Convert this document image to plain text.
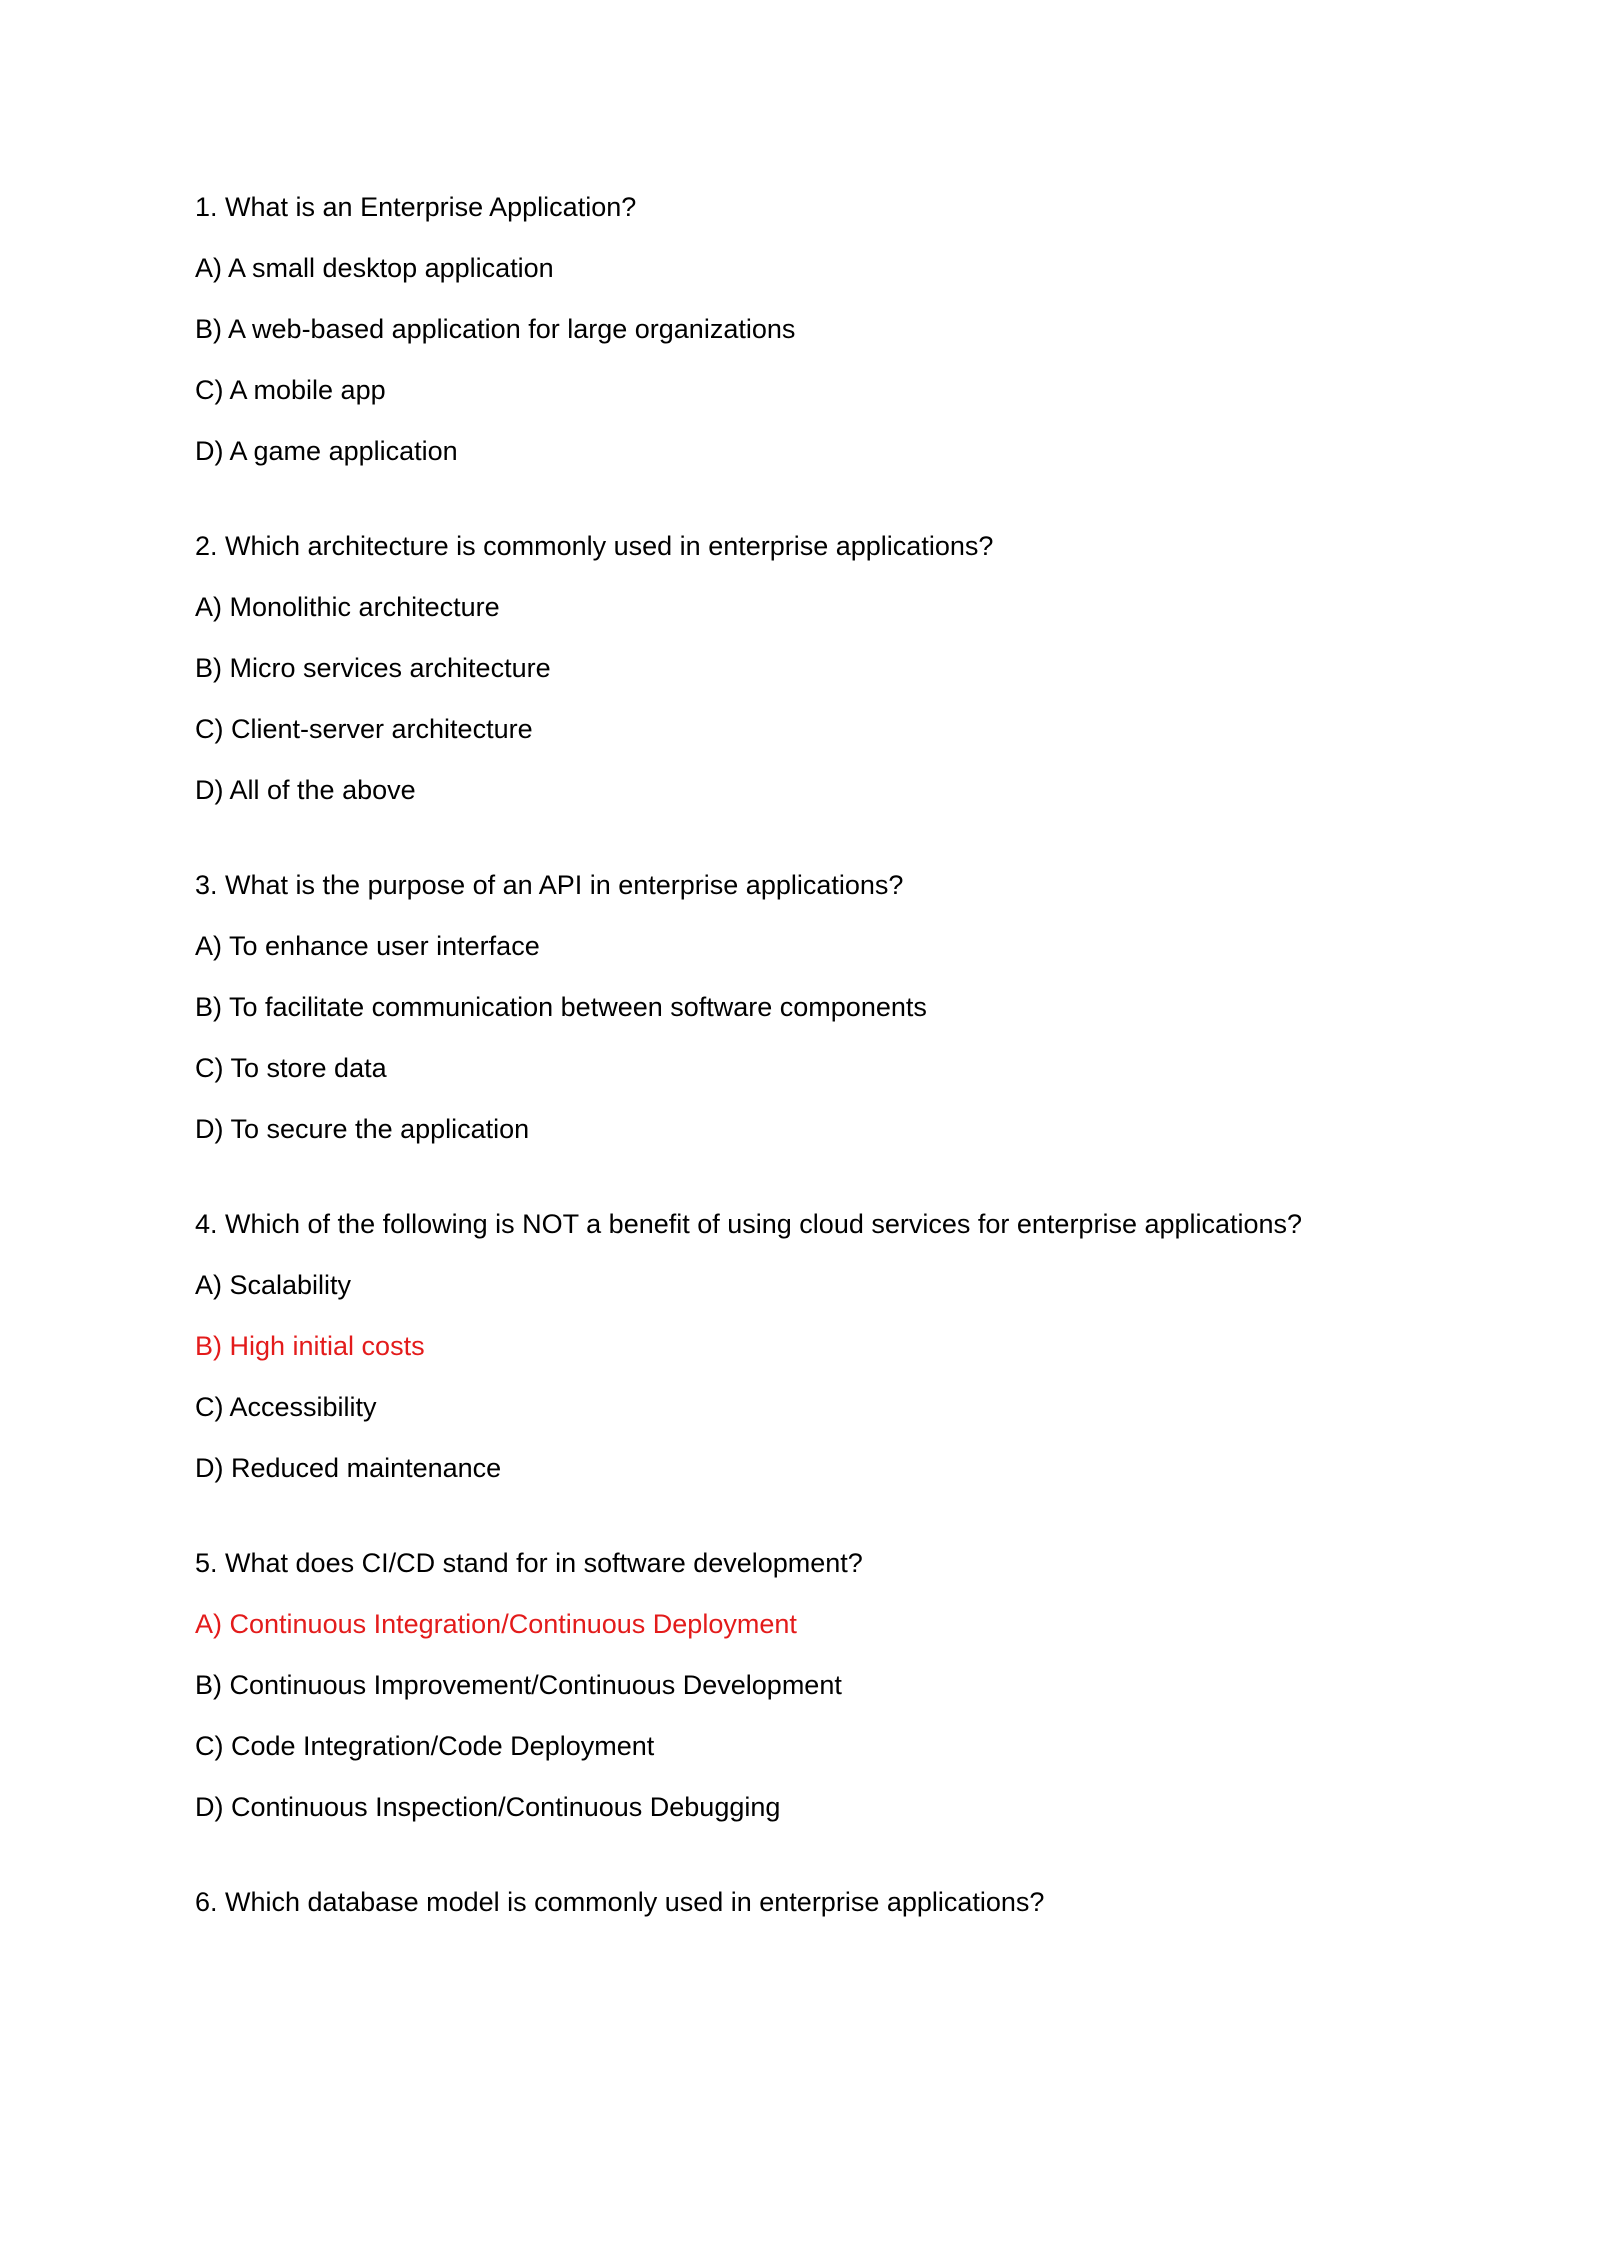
1. What is an Enterprise Application?
A) A small desktop application
B) A web-based application for large organizations
C) A mobile app
D) A game application
2. Which architecture is commonly used in enterprise applications?
A) Monolithic architecture
B) Micro services architecture
C) Client-server architecture
D) All of the above
3. What is the purpose of an API in enterprise applications?
A) To enhance user interface
B) To facilitate communication between software components
C) To store data
D) To secure the application
4. Which of the following is NOT a benefit of using cloud services for enterprise applications?
A) Scalability
B) High initial costs
C) Accessibility
D) Reduced maintenance
5. What does CI/CD stand for in software development?
A) Continuous Integration/Continuous Deployment
B) Continuous Improvement/Continuous Development
C) Code Integration/Code Deployment
D) Continuous Inspection/Continuous Debugging
6. Which database model is commonly used in enterprise applications?
